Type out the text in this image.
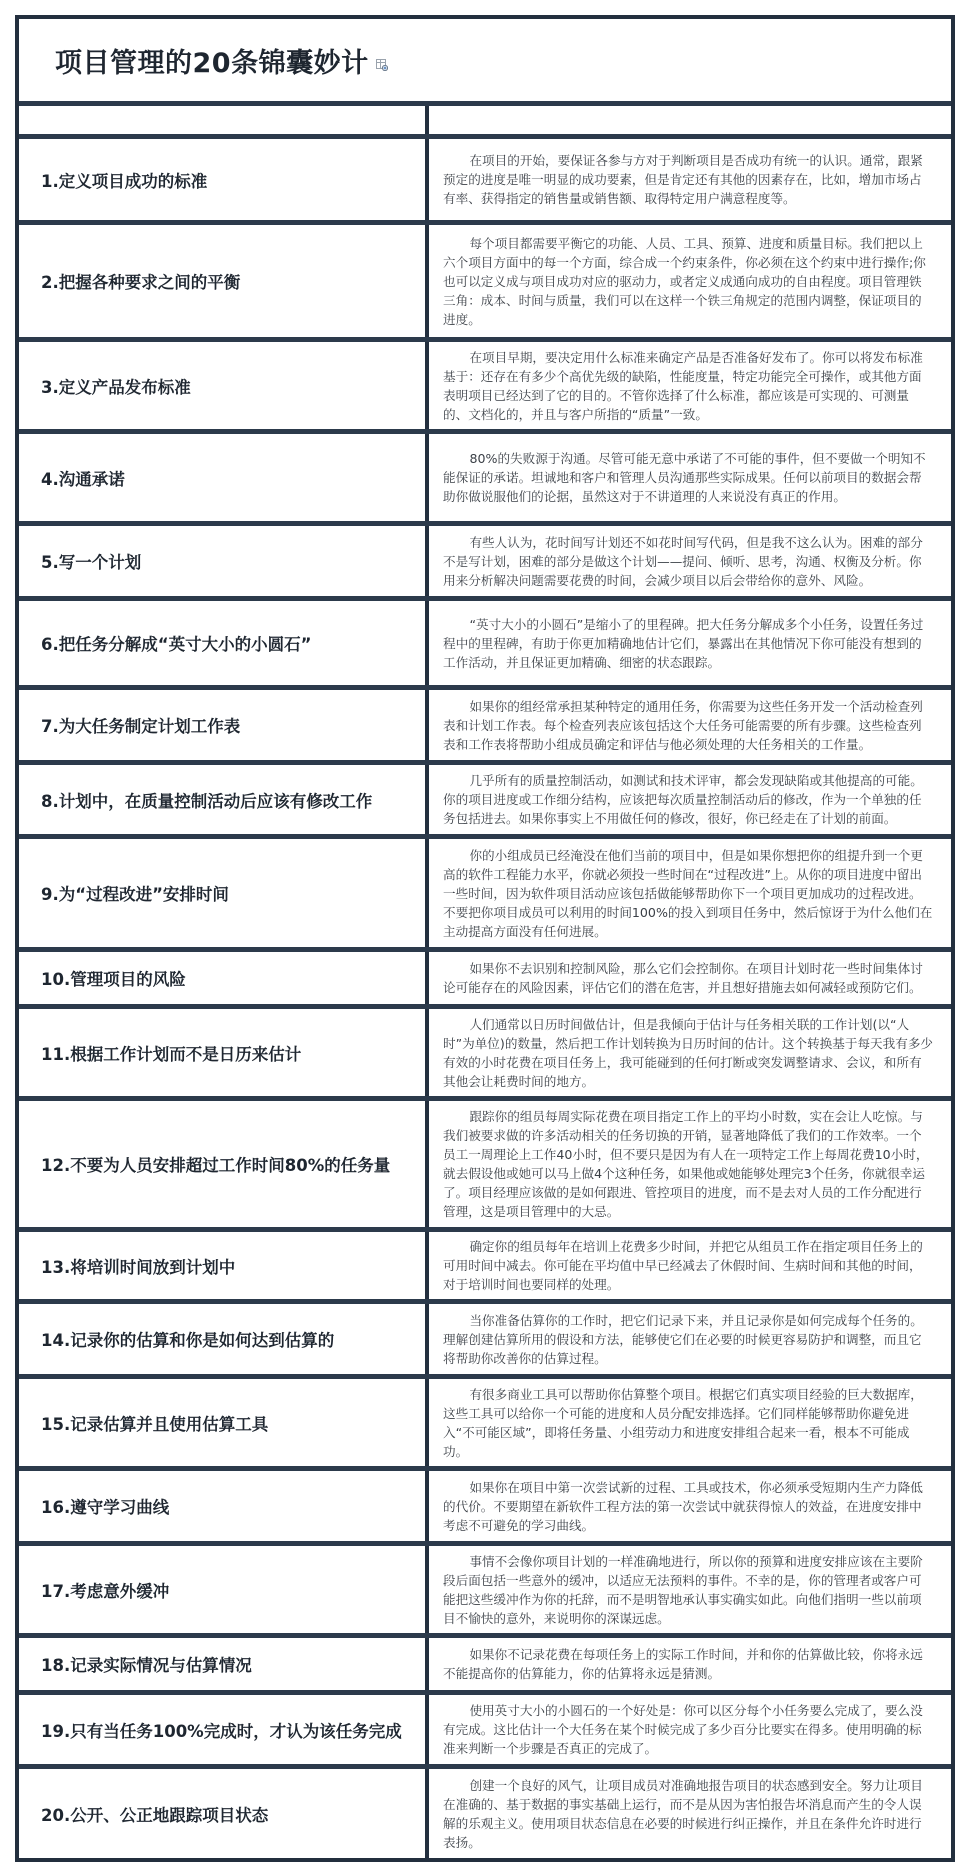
项目管理的20条锦囊妙计
1.定义项目成功的标准
在项目的开始，要保证各参与方对于判断项目是否成功有统一的认识。通常，跟紧预定的进度是唯一明显的成功要素，但是肯定还有其他的因素存在，比如，增加市场占有率、获得指定的销售量或销售额、取得特定用户满意程度等。
2.把握各种要求之间的平衡
每个项目都需要平衡它的功能、人员、工具、预算、进度和质量目标。我们把以上六个项目方面中的每一个方面，综合成一个约束条件，你必须在这个约束中进行操作;你也可以定义成与项目成功对应的驱动力，或者定义成通向成功的自由程度。项目管理铁三角：成本、时间与质量，我们可以在这样一个铁三角规定的范围内调整，保证项目的进度。
3.定义产品发布标准
在项目早期，要决定用什么标准来确定产品是否准备好发布了。你可以将发布标准基于：还存在有多少个高优先级的缺陷，性能度量，特定功能完全可操作，或其他方面表明项目已经达到了它的目的。不管你选择了什么标准，都应该是可实现的、可测量的、文档化的，并且与客户所指的“质量”一致。
4.沟通承诺
80%的失败源于沟通。尽管可能无意中承诺了不可能的事件，但不要做一个明知不能保证的承诺。坦诚地和客户和管理人员沟通那些实际成果。任何以前项目的数据会帮助你做说服他们的论据，虽然这对于不讲道理的人来说没有真正的作用。
5.写一个计划
有些人认为，花时间写计划还不如花时间写代码，但是我不这么认为。困难的部分不是写计划，困难的部分是做这个计划——提问、倾听、思考，沟通、权衡及分析。你用来分析解决问题需要花费的时间，会减少项目以后会带给你的意外、风险。
6.把任务分解成“英寸大小的小圆石”
“英寸大小的小圆石”是缩小了的里程碑。把大任务分解成多个小任务，设置任务过程中的里程碑，有助于你更加精确地估计它们，暴露出在其他情况下你可能没有想到的工作活动，并且保证更加精确、细密的状态跟踪。
7.为大任务制定计划工作表
如果你的组经常承担某种特定的通用任务，你需要为这些任务开发一个活动检查列表和计划工作表。每个检查列表应该包括这个大任务可能需要的所有步骤。这些检查列表和工作表将帮助小组成员确定和评估与他必须处理的大任务相关的工作量。
8.计划中，在质量控制活动后应该有修改工作
几乎所有的质量控制活动，如测试和技术评审，都会发现缺陷或其他提高的可能。你的项目进度或工作细分结构，应该把每次质量控制活动后的修改，作为一个单独的任务包括进去。如果你事实上不用做任何的修改，很好，你已经走在了计划的前面。
9.为“过程改进”安排时间
你的小组成员已经淹没在他们当前的项目中，但是如果你想把你的组提升到一个更高的软件工程能力水平，你就必须投一些时间在“过程改进”上。从你的项目进度中留出一些时间，因为软件项目活动应该包括做能够帮助你下一个项目更加成功的过程改进。不要把你项目成员可以利用的时间100%的投入到项目任务中，然后惊讶于为什么他们在主动提高方面没有任何进展。
10.管理项目的风险
如果你不去识别和控制风险，那么它们会控制你。在项目计划时花一些时间集体讨论可能存在的风险因素，评估它们的潜在危害，并且想好措施去如何减轻或预防它们。
11.根据工作计划而不是日历来估计
人们通常以日历时间做估计，但是我倾向于估计与任务相关联的工作计划(以“人时”为单位)的数量，然后把工作计划转换为日历时间的估计。这个转换基于每天我有多少有效的小时花费在项目任务上，我可能碰到的任何打断或突发调整请求、会议，和所有其他会让耗费时间的地方。
12.不要为人员安排超过工作时间80%的任务量
跟踪你的组员每周实际花费在项目指定工作上的平均小时数，实在会让人吃惊。与我们被要求做的许多活动相关的任务切换的开销，显著地降低了我们的工作效率。一个员工一周理论上工作40小时，但不要只是因为有人在一项特定工作上每周花费10小时，就去假设他或她可以马上做4个这种任务，如果他或她能够处理完3个任务，你就很幸运了。项目经理应该做的是如何跟进、管控项目的进度，而不是去对人员的工作分配进行管理，这是项目管理中的大忌。
13.将培训时间放到计划中
确定你的组员每年在培训上花费多少时间，并把它从组员工作在指定项目任务上的可用时间中减去。你可能在平均值中早已经减去了休假时间、生病时间和其他的时间，对于培训时间也要同样的处理。
14.记录你的估算和你是如何达到估算的
当你准备估算你的工作时，把它们记录下来，并且记录你是如何完成每个任务的。理解创建估算所用的假设和方法，能够使它们在必要的时候更容易防护和调整，而且它将帮助你改善你的估算过程。
15.记录估算并且使用估算工具
有很多商业工具可以帮助你估算整个项目。根据它们真实项目经验的巨大数据库，这些工具可以给你一个可能的进度和人员分配安排选择。它们同样能够帮助你避免进入“不可能区域”，即将任务量、小组劳动力和进度安排组合起来一看，根本不可能成功。
16.遵守学习曲线
如果你在项目中第一次尝试新的过程、工具或技术，你必须承受短期内生产力降低的代价。不要期望在新软件工程方法的第一次尝试中就获得惊人的效益，在进度安排中考虑不可避免的学习曲线。
17.考虑意外缓冲
事情不会像你项目计划的一样准确地进行，所以你的预算和进度安排应该在主要阶段后面包括一些意外的缓冲，以适应无法预料的事件。不幸的是，你的管理者或客户可能把这些缓冲作为你的托辞，而不是明智地承认事实确实如此。向他们指明一些以前项目不愉快的意外，来说明你的深谋远虑。
18.记录实际情况与估算情况
如果你不记录花费在每项任务上的实际工作时间，并和你的估算做比较，你将永远不能提高你的估算能力，你的估算将永远是猜测。
19.只有当任务100%完成时，才认为该任务完成
使用英寸大小的小圆石的一个好处是：你可以区分每个小任务要么完成了，要么没有完成。这比估计一个大任务在某个时候完成了多少百分比要实在得多。使用明确的标准来判断一个步骤是否真正的完成了。
20.公开、公正地跟踪项目状态
创建一个良好的风气，让项目成员对准确地报告项目的状态感到安全。努力让项目在准确的、基于数据的事实基础上运行，而不是从因为害怕报告坏消息而产生的令人误解的乐观主义。使用项目状态信息在必要的时候进行纠正操作，并且在条件允许时进行表扬。
